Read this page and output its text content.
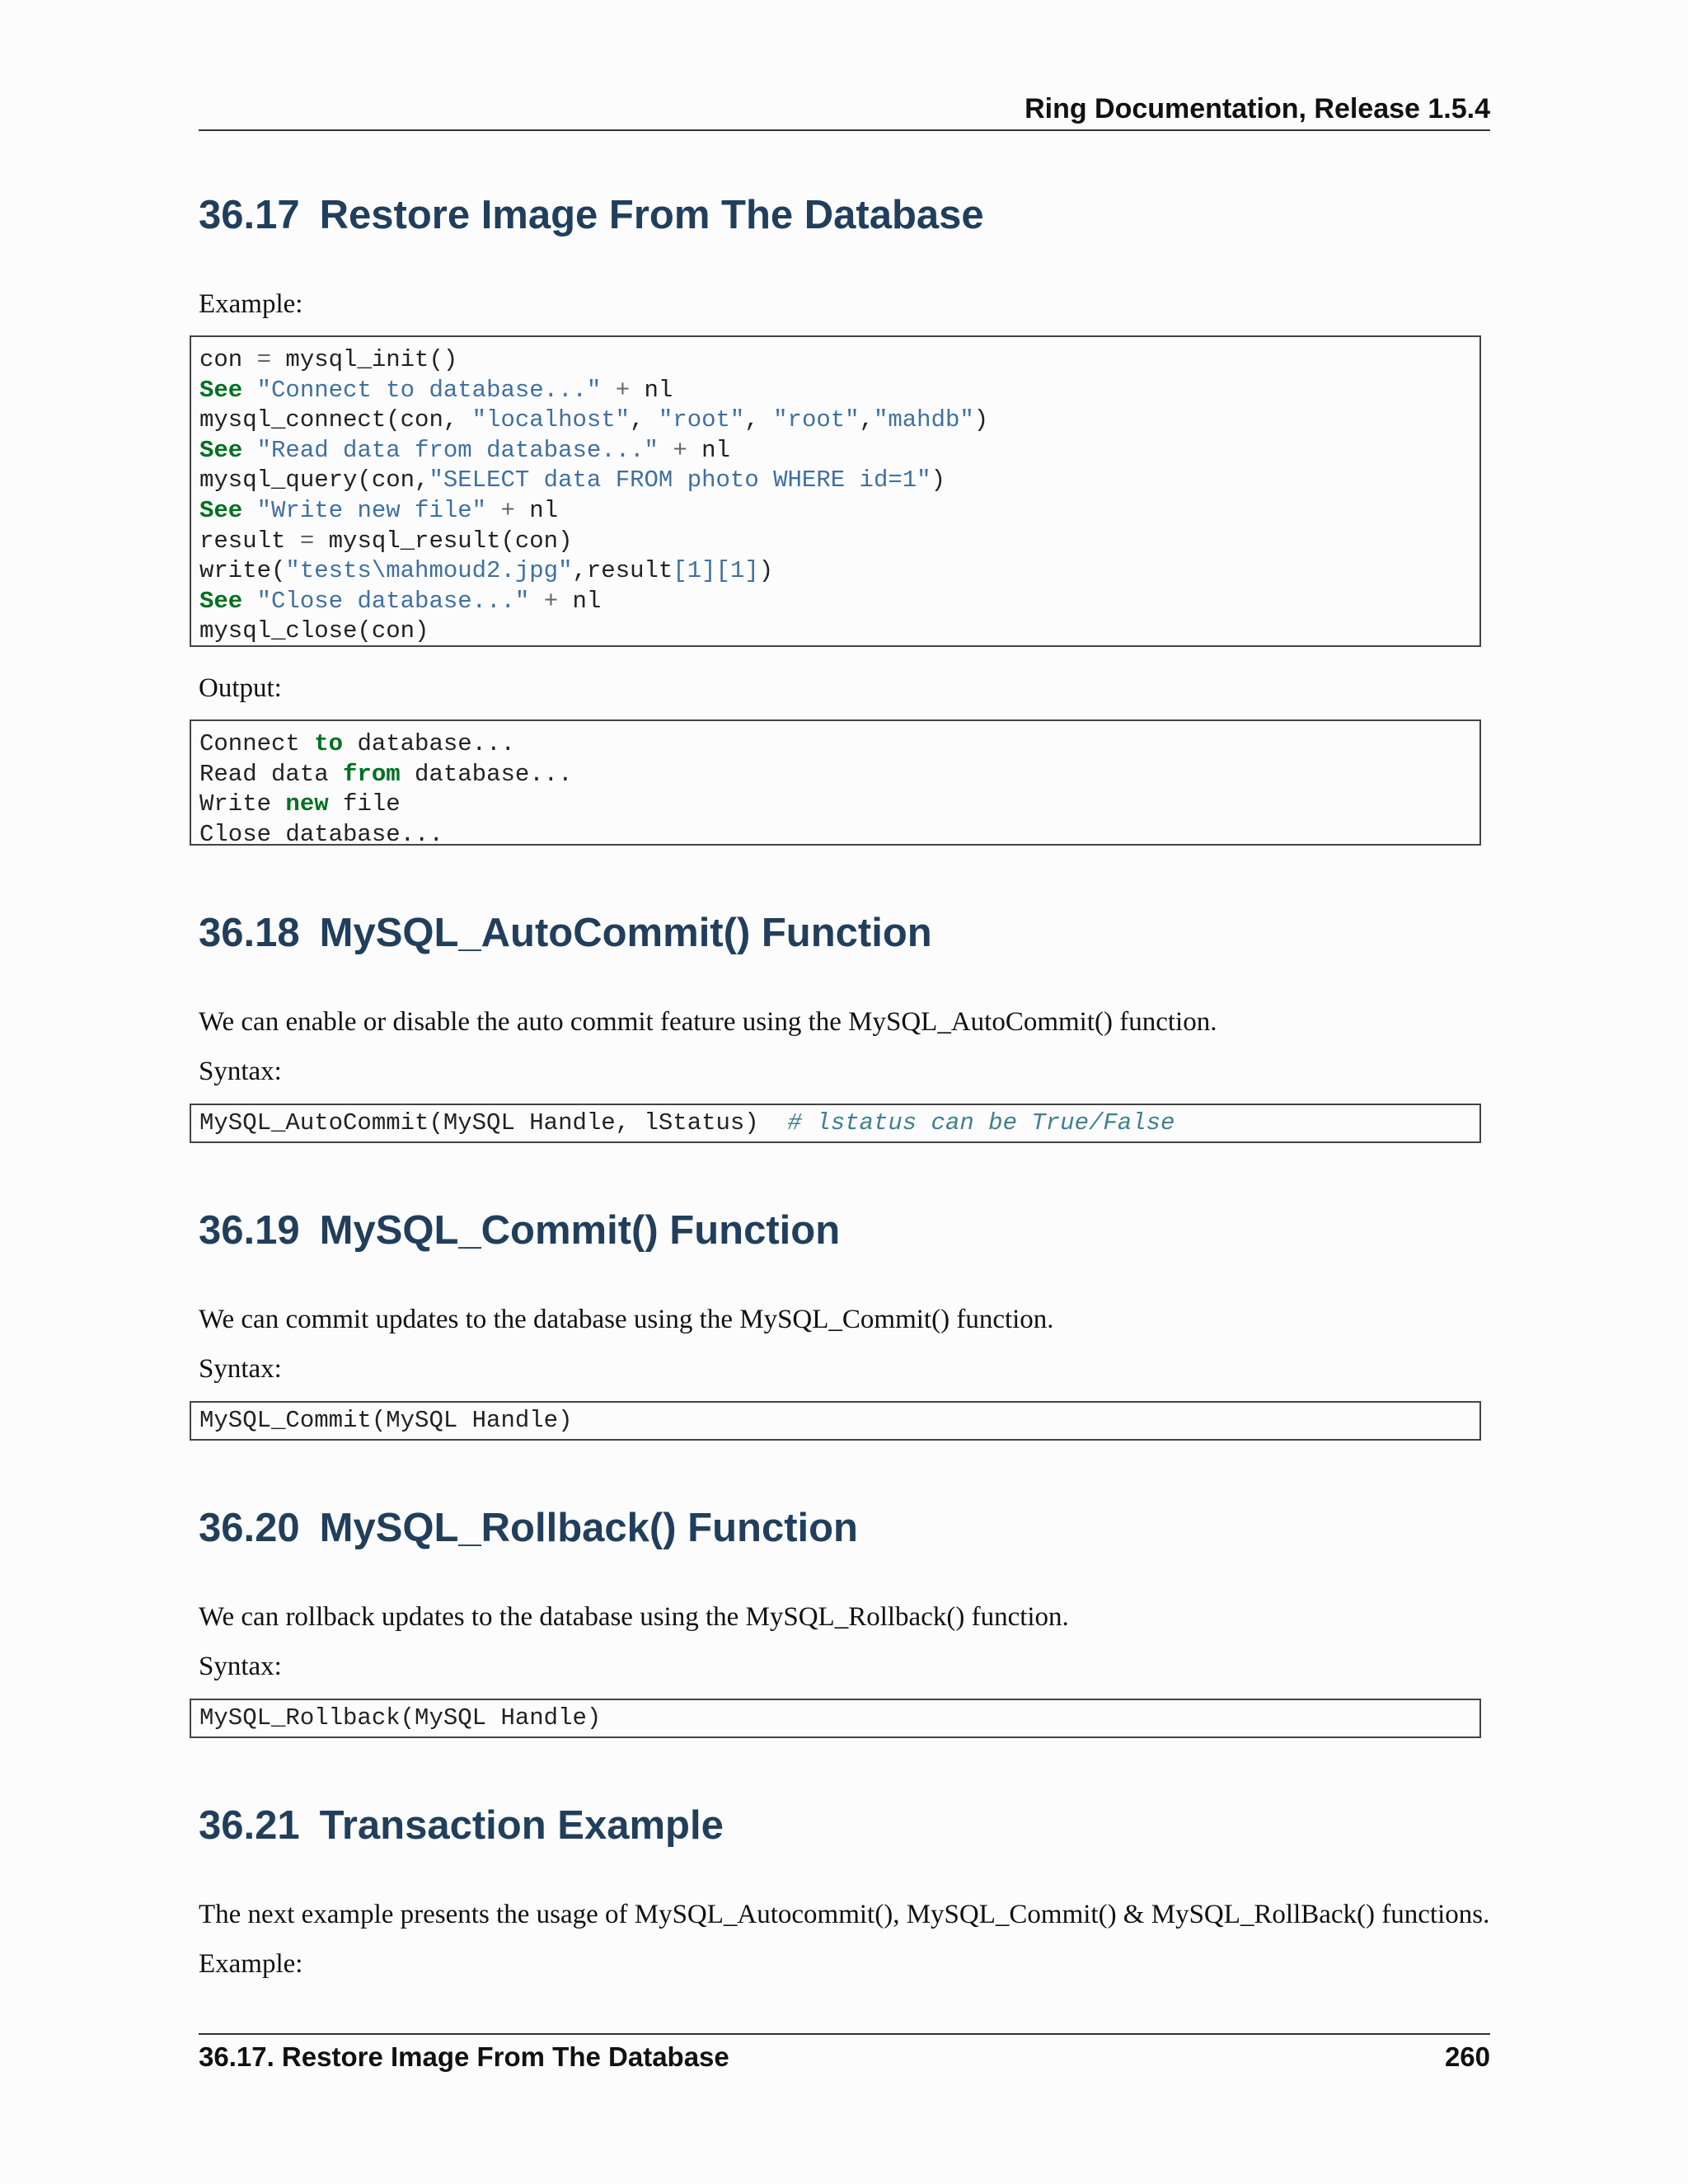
Ring Documentation, Release 1.5.4
36.17 Restore Image From The Database

Example:

con = mysql_init()
See "Connect to database..." + nl
mysql_connect(con, "localhost", "root", "root","mahdb")
See "Read data from database..." + nl
mysql_query(con,"SELECT data FROM photo WHERE id=1")
See "Write new file" + nl
result = mysql_result(con)
write("tests\mahmoud2.jpg",result[1][1])
See "Close database..." + nl
mysql_close(con)

Output:

Connect to database...
Read data from database...
Write new file
Close database...
36.18 MySQL_AutoCommit() Function

We can enable or disable the auto commit feature using the MySQL_AutoCommit() function.

Syntax:

MySQL_AutoCommit(MySQL Handle, lStatus)  # lstatus can be True/False
36.19 MySQL_Commit() Function

We can commit updates to the database using the MySQL_Commit() function.

Syntax:

MySQL_Commit(MySQL Handle)
36.20 MySQL_Rollback() Function

We can rollback updates to the database using the MySQL_Rollback() function.

Syntax:

MySQL_Rollback(MySQL Handle)
36.21 Transaction Example

The next example presents the usage of MySQL_Autocommit(), MySQL_Commit() & MySQL_RollBack() functions.

Example:

36.17. Restore Image From The Database	260
